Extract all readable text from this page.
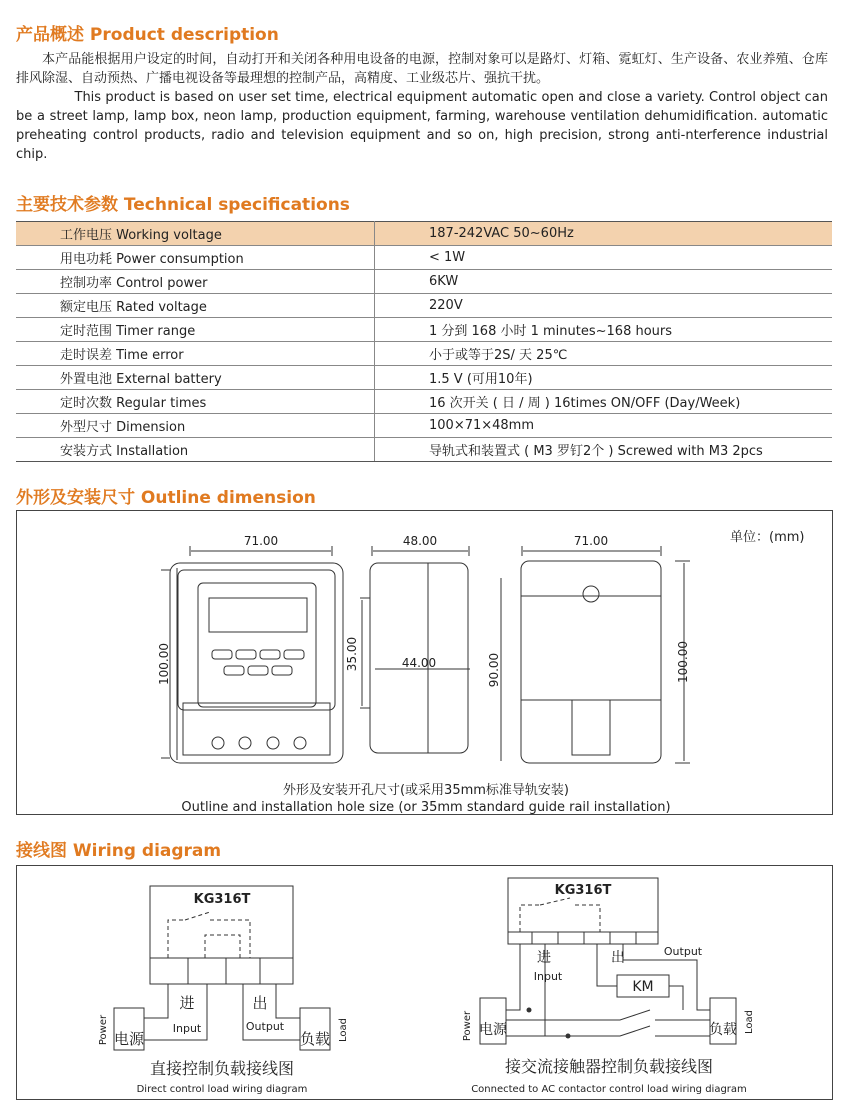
产品概述 Product description

本产品能根据用户设定的时间，自动打开和关闭各种用电设备的电源，控制对象可以是路灯、灯箱、霓虹灯、生产设备、农业养殖、仓库排风除湿、自动预热、广播电视设备等最理想的控制产品，高精度、工业级芯片、强抗干扰。

This product is based on user set time, electrical equipment automatic open and close a variety. Control object can be a street lamp, lamp box, neon lamp, production equipment, farming, warehouse ventilation dehumidification. automatic preheating control products, radio and television equipment and so on, high precision, strong anti-nterference industrial chip.

主要技术参数 Technical specifications
工作电压 Working voltage	187-242VAC 50~60Hz
用电功耗 Power consumption	< 1W
控制功率 Control power	6KW
额定电压 Rated voltage	220V
定时范围 Timer range	1 分到 168 小时 1 minutes~168 hours
走时误差 Time error	小于或等于2S/ 天 25℃
外置电池 External battery	1.5 V (可用10年)
定时次数 Regular times	16 次开关 ( 日 / 周 ) 16times ON/OFF (Day/Week)
外型尺寸 Dimension	100×71×48mm
安装方式 Installation	导轨式和装置式 ( M3 罗钉2个 ) Screwed with M3 2pcs
外形及安装尺寸 Outline dimension
71.00	48.00	71.00
44.00
100.00	35.00	90.00	100.00
单位：(mm)
外形及安装开孔尺寸(或采用35mm标准导轨安装)
Outline and installation hole size (or 35mm standard guide rail installation)
接线图 Wiring diagram
KG316T
KG316T
进
Input
出
Output
电源
Power	负载 Load
进
Input
出	Output
KM
电源
Power	负载 Load
直接控制负载接线图
Direct control load wiring diagram
接交流接触器控制负载接线图
Connected to AC contactor control load wiring diagram
